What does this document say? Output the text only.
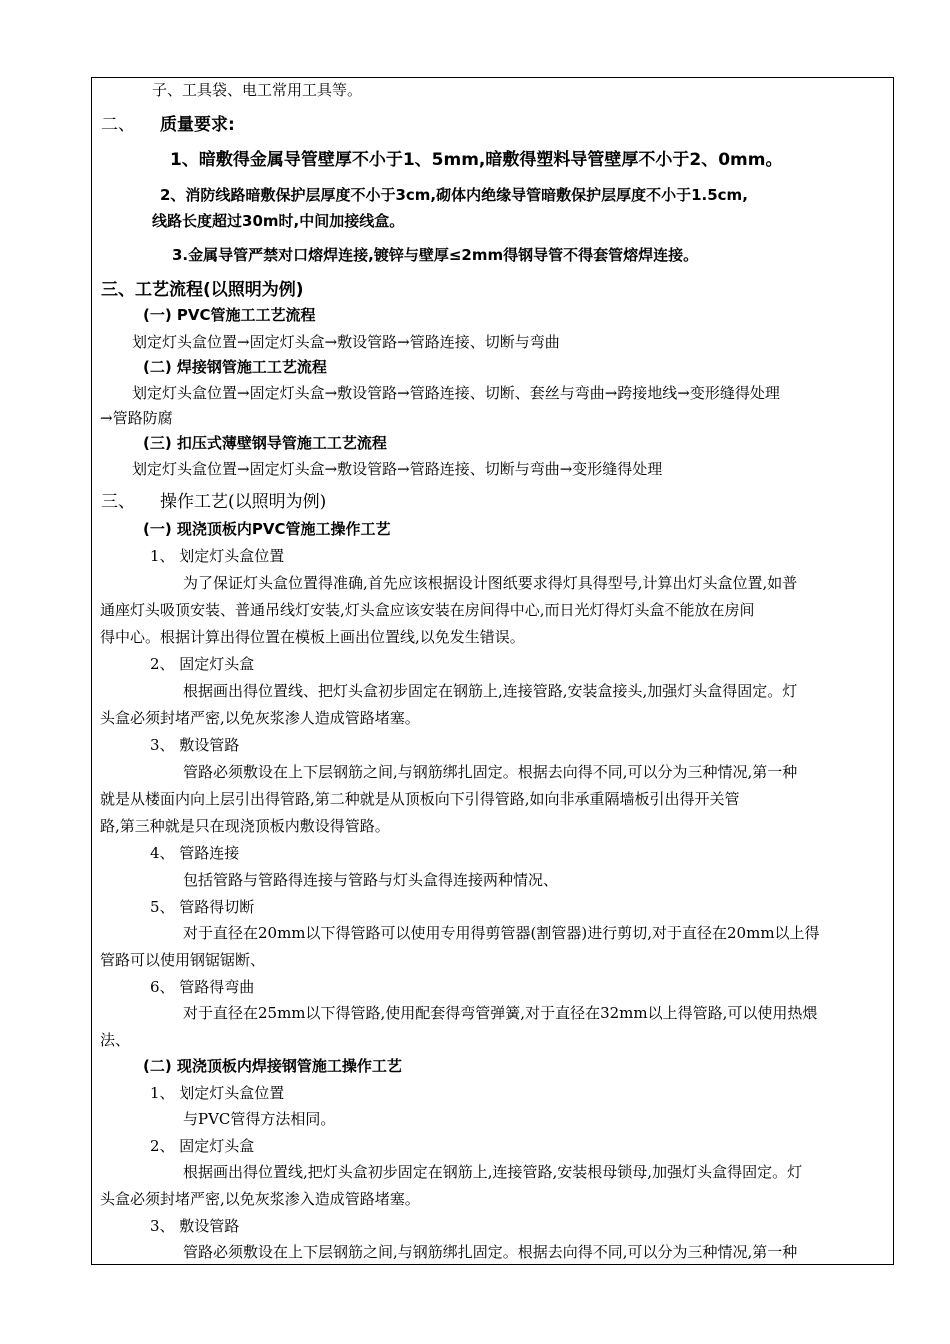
子、工具袋、电工常用工具等。
二、 质量要求:
1、暗敷得金属导管壁厚不小于1、5mm,暗敷得塑料导管壁厚不小于2、0mm。
2、消防线路暗敷保护层厚度不小于3cm,砌体内绝缘导管暗敷保护层厚度不小于1.5cm,
线路长度超过30m时,中间加接线盒。
3.金属导管严禁对口熔焊连接,镀锌与壁厚≤2mm得钢导管不得套管熔焊连接。
三、工艺流程(以照明为例)
(一) PVC管施工工艺流程
划定灯头盒位置→固定灯头盒→敷设管路→管路连接、切断与弯曲
(二) 焊接钢管施工工艺流程
划定灯头盒位置→固定灯头盒→敷设管路→管路连接、切断、套丝与弯曲→跨接地线→变形缝得处理
→管路防腐
(三) 扣压式薄壁钢导管施工工艺流程
划定灯头盒位置→固定灯头盒→敷设管路→管路连接、切断与弯曲→变形缝得处理
三、 操作工艺(以照明为例)
(一) 现浇顶板内PVC管施工操作工艺
1、 划定灯头盒位置
为了保证灯头盒位置得准确,首先应该根据设计图纸要求得灯具得型号,计算出灯头盒位置,如普
通座灯头吸顶安装、普通吊线灯安装,灯头盒应该安装在房间得中心,而日光灯得灯头盒不能放在房间
得中心。根据计算出得位置在模板上画出位置线,以免发生错误。
2、 固定灯头盒
根据画出得位置线、把灯头盒初步固定在钢筋上,连接管路,安装盒接头,加强灯头盒得固定。灯
头盒必须封堵严密,以免灰浆渗人造成管路堵塞。
3、 敷设管路
管路必须敷设在上下层钢筋之间,与钢筋绑扎固定。根据去向得不同,可以分为三种情况,第一种
就是从楼面内向上层引出得管路,第二种就是从顶板向下引得管路,如向非承重隔墙板引出得开关管
路,第三种就是只在现浇顶板内敷设得管路。
4、 管路连接
包括管路与管路得连接与管路与灯头盒得连接两种情况、
5、 管路得切断
对于直径在20mm以下得管路可以使用专用得剪管器(割管器)进行剪切,对于直径在20mm以上得
管路可以使用钢锯锯断、
6、 管路得弯曲
对于直径在25mm以下得管路,使用配套得弯管弹簧,对于直径在32mm以上得管路,可以使用热煨
法、
(二) 现浇顶板内焊接钢管施工操作工艺
1、 划定灯头盒位置
与PVC管得方法相同。
2、 固定灯头盒
根据画出得位置线,把灯头盒初步固定在钢筋上,连接管路,安装根母锁母,加强灯头盒得固定。灯
头盒必须封堵严密,以免灰浆渗入造成管路堵塞。
3、 敷设管路
管路必须敷设在上下层钢筋之间,与钢筋绑扎固定。根据去向得不同,可以分为三种情况,第一种
